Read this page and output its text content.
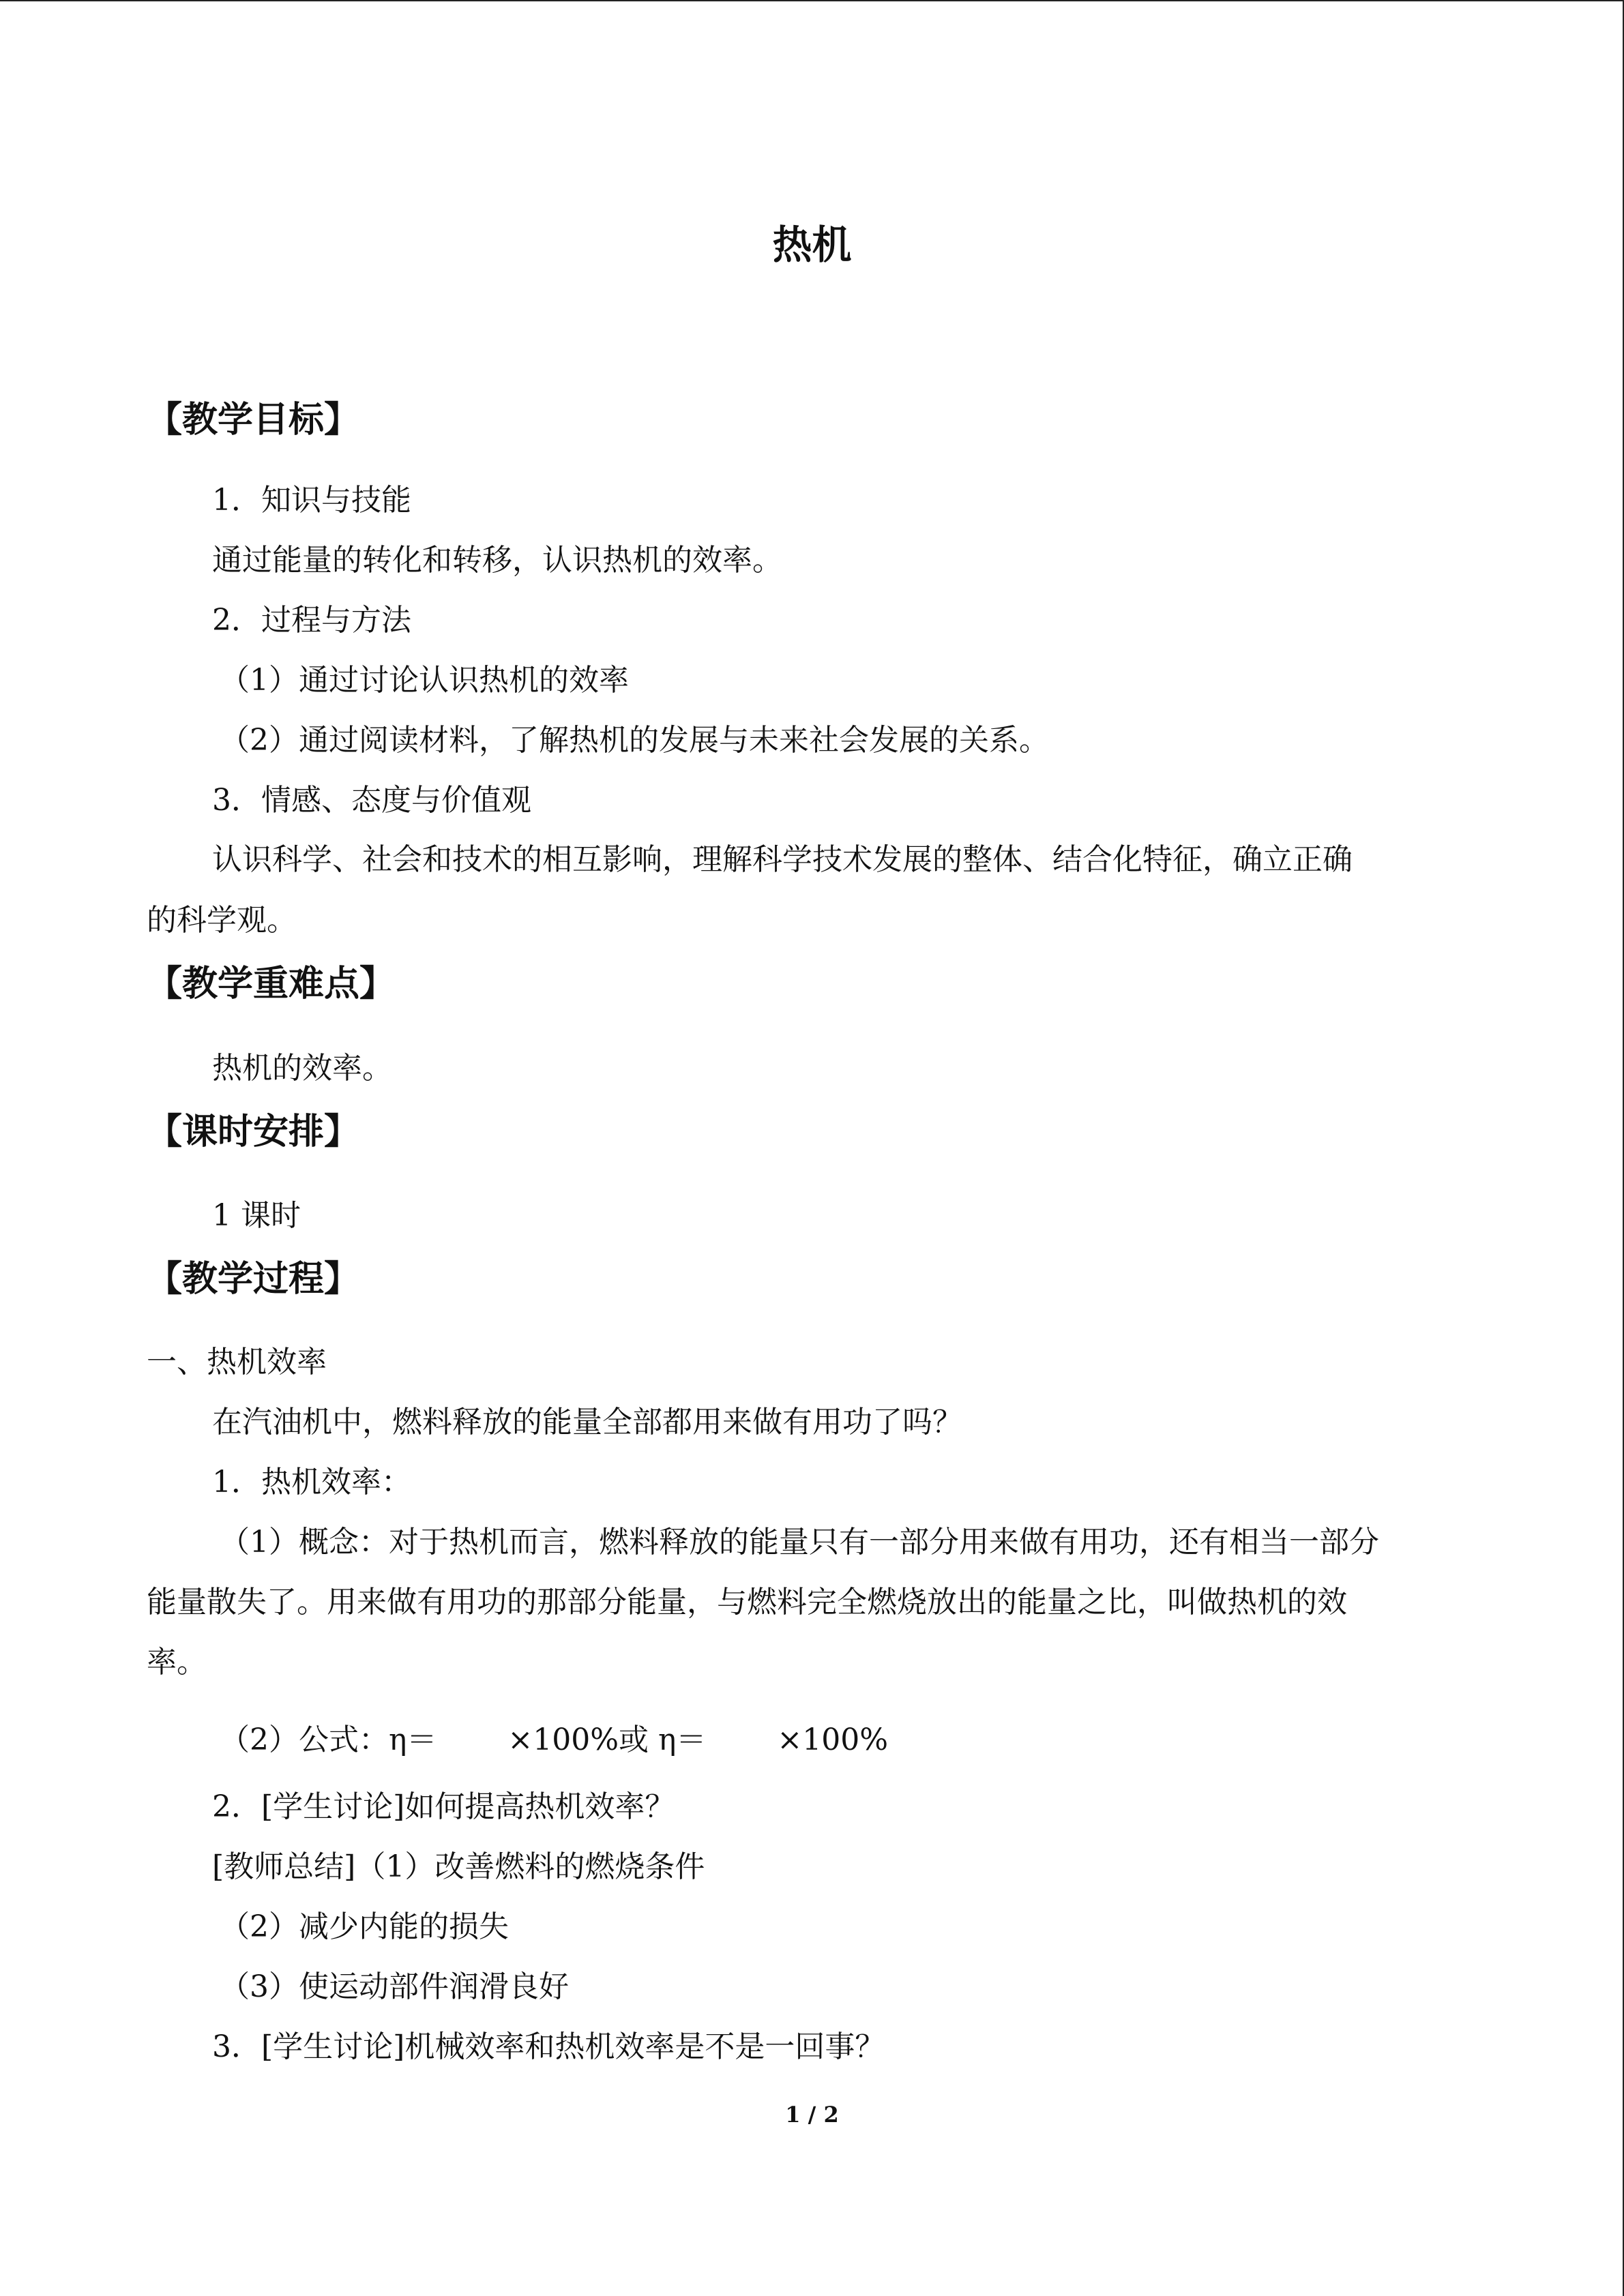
热机
【教学目标】
1．知识与技能
通过能量的转化和转移，认识热机的效率。
2．过程与方法
（1）通过讨论认识热机的效率
（2）通过阅读材料，了解热机的发展与未来社会发展的关系。
3．情感、态度与价值观
认识科学、社会和技术的相互影响，理解科学技术发展的整体、结合化特征，确立正确
的科学观。
【教学重难点】
热机的效率。
【课时安排】
1 课时
【教学过程】
一、热机效率
在汽油机中，燃料释放的能量全部都用来做有用功了吗？
1．热机效率：
（1）概念：对于热机而言，燃料释放的能量只有一部分用来做有用功，还有相当一部分
能量散失了。用来做有用功的那部分能量，与燃料完全燃烧放出的能量之比，叫做热机的效
率。
（2）公式：η＝ ×100%或 η＝ ×100%
2．[学生讨论]如何提高热机效率？
[教师总结]（1）改善燃料的燃烧条件
（2）减少内能的损失
（3）使运动部件润滑良好
3．[学生讨论]机械效率和热机效率是不是一回事？
1 / 2
